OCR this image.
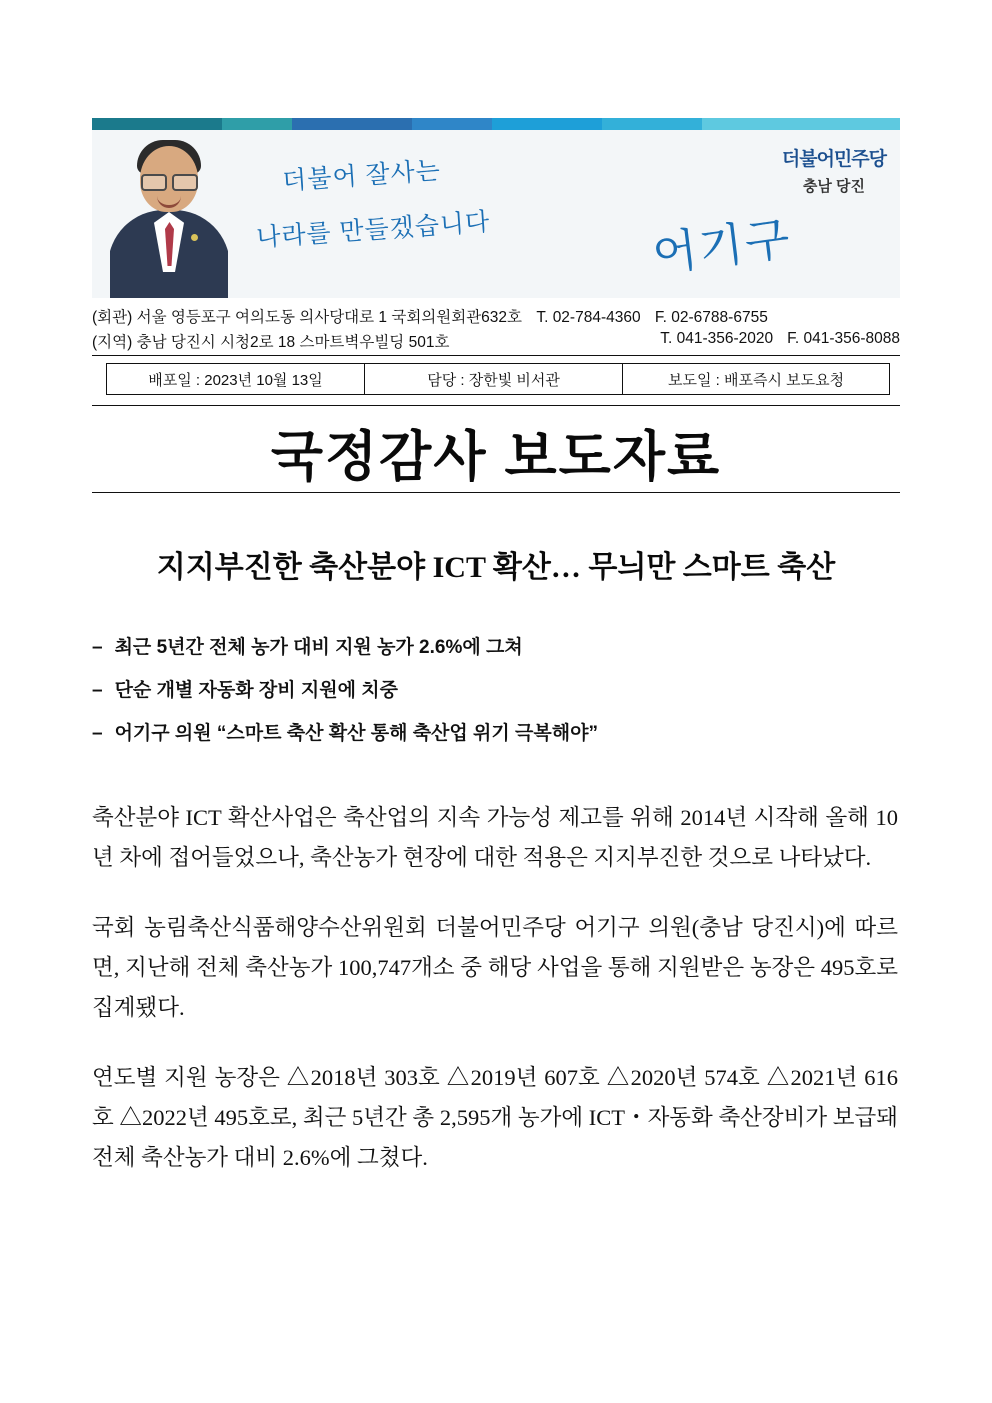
더불어 잘사는
나라를 만들겠습니다	어기구
더불어민주당
충남 당진
(회관) 서울 영등포구 여의도동 의사당대로 1 국회의원회관632호 T. 02-784-4360 F. 02-6788-6755
(지역) 충남 당진시 시청2로 18 스마트벽우빌딩 501호	F. 041-356-8088
T. 041-356-2020
배포일 : 2023년 10월 13일	담당 : 장한빛 비서관	보도일 : 배포즉시 보도요청
국정감사 보도자료
지지부진한 축산분야 ICT 확산… 무늬만 스마트 축산
– 최근 5년간 전체 농가 대비 지원 농가 2.6%에 그쳐
– 단순 개별 자동화 장비 지원에 치중
– 어기구 의원 “스마트 축산 확산 통해 축산업 위기 극복해야”

축산분야 ICT 확산사업은 축산업의 지속 가능성 제고를 위해 2014년 시작해 올해 10년 차에 접어들었으나, 축산농가 현장에 대한 적용은 지지부진한 것으로 나타났다.

국회 농림축산식품해양수산위원회 더불어민주당 어기구 의원(충남 당진시)에 따르면, 지난해 전체 축산농가 100,747개소 중 해당 사업을 통해 지원받은 농장은 495호로 집계됐다.

연도별 지원 농장은 △2018년 303호 △2019년 607호 △2020년 574호 △2021년 616호 △2022년 495호로, 최근 5년간 총 2,595개 농가에 ICT・자동화 축산장비가 보급돼 전체 축산농가 대비 2.6%에 그쳤다.
